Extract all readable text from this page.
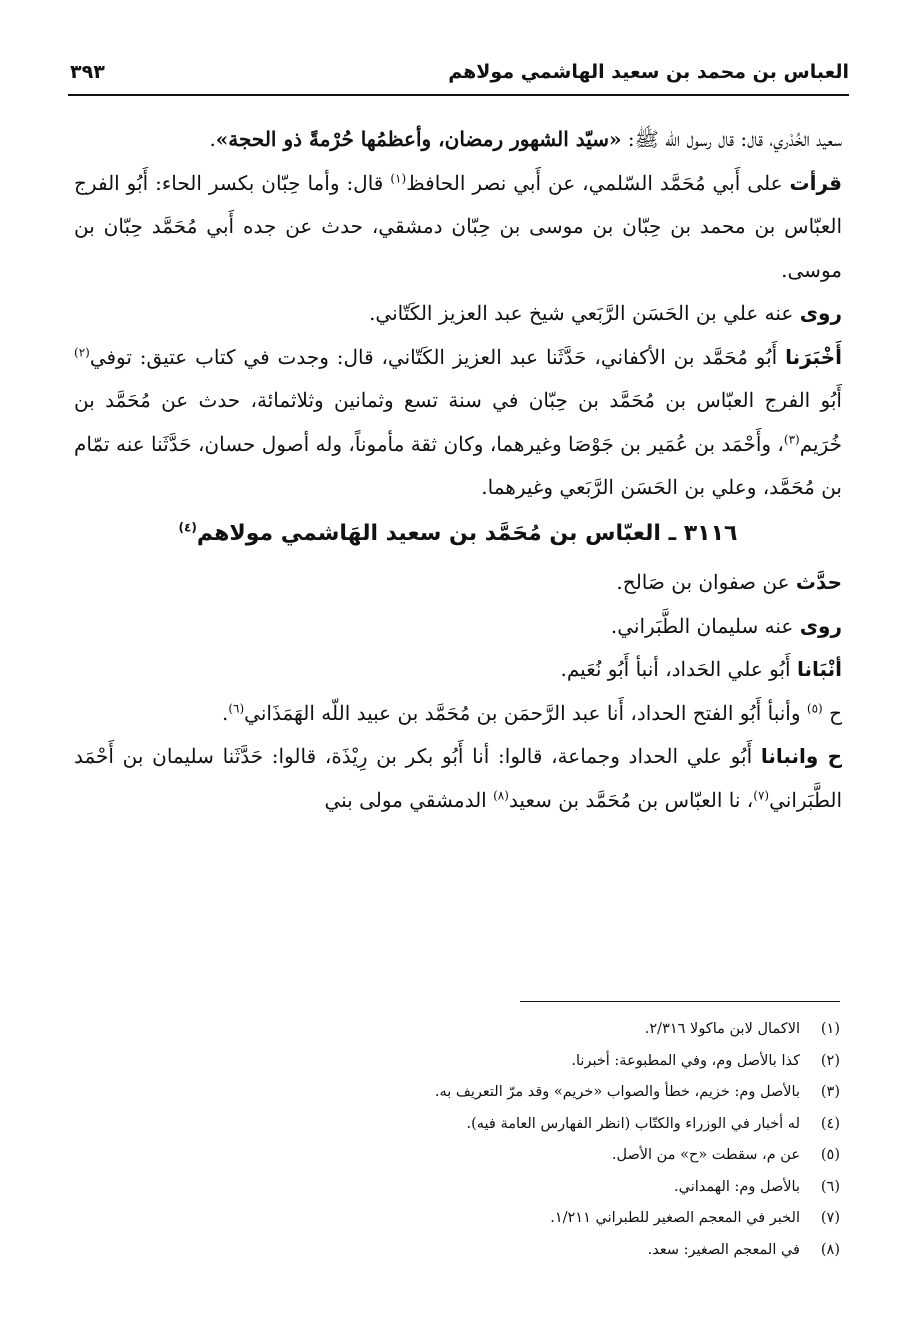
العباس بن محمد بن سعيد الهاشمي مولاهم
٣٩٣

سعيد الخُدْري، قال: قال رسول الله ﷺ: «سيّد الشهور رمضان، وأعظمُها حُرْمةً ذو الحجة».

قرأت على أَبي مُحَمَّد السّلمي، عن أَبي نصر الحافظ$^{(١)}$ قال: وأما حِبّان بكسر الحاء: أَبُو الفرج العبّاس بن محمد بن حِبّان بن موسى بن حِبّان دمشقي، حدث عن جده أَبي مُحَمَّد حِبّان بن موسى.

روى عنه علي بن الحَسَن الرَّبَعي شيخ عبد العزيز الكَتّاني.

أَخْبَرَنا أَبُو مُحَمَّد بن الأكفاني، حَدَّثَنا عبد العزيز الكَتّاني، قال: وجدت في كتاب عتيق: توفي$^{(٢)}$ أَبُو الفرج العبّاس بن مُحَمَّد بن حِبّان في سنة تسع وثمانين وثلاثمائة، حدث عن مُحَمَّد بن خُرَيم$^{(٣)}$، وأَحْمَد بن عُمَير بن جَوْصَا وغيرهما، وكان ثقة مأموناً، وله أصول حسان، حَدَّثَنا عنه تمّام بن مُحَمَّد، وعلي بن الحَسَن الرَّبَعي وغيرهما.

٣١١٦ ـ العبّاس بن مُحَمَّد بن سعيد الهَاشمي مولاهم$^{(٤)}$

حدَّث عن صفوان بن صَالح.

روى عنه سليمان الطَّبَراني.

أنْبَانا أَبُو علي الحَداد، أنبأ أَبُو نُعَيم.

ح $^{(٥)}$ وأنبأ أَبُو الفتح الحداد، أَنا عبد الرَّحمَن بن مُحَمَّد بن عبيد اللّه الهَمَذَاني$^{(٦)}$.

ح وانبانا أَبُو علي الحداد وجماعة، قالوا: أنا أَبُو بكر بن رِيْذَة، قالوا: حَدَّثَنا سليمان بن أَحْمَد الطَّبَراني$^{(٧)}$، نا العبّاس بن مُحَمَّد بن سعيد$^{(٨)}$ الدمشقي مولى بني

(١)
الاكمال لابن ماكولا ٢/٣١٦.
(٢)
كذا بالأصل وم، وفي المطبوعة: أخبرنا.
(٣)
بالأصل وم: خزيم، خطأ والصواب «خريم» وقد مرّ التعريف به.
(٤)
له أخبار في الوزراء والكتّاب (انظر الفهارس العامة فيه).
(٥)
عن م، سقطت «ح» من الأصل.
(٦)
بالأصل وم: الهمداني.
(٧)
الخبر في المعجم الصغير للطبراني ١/٢١١.
(٨)
في المعجم الصغير: سعد.
